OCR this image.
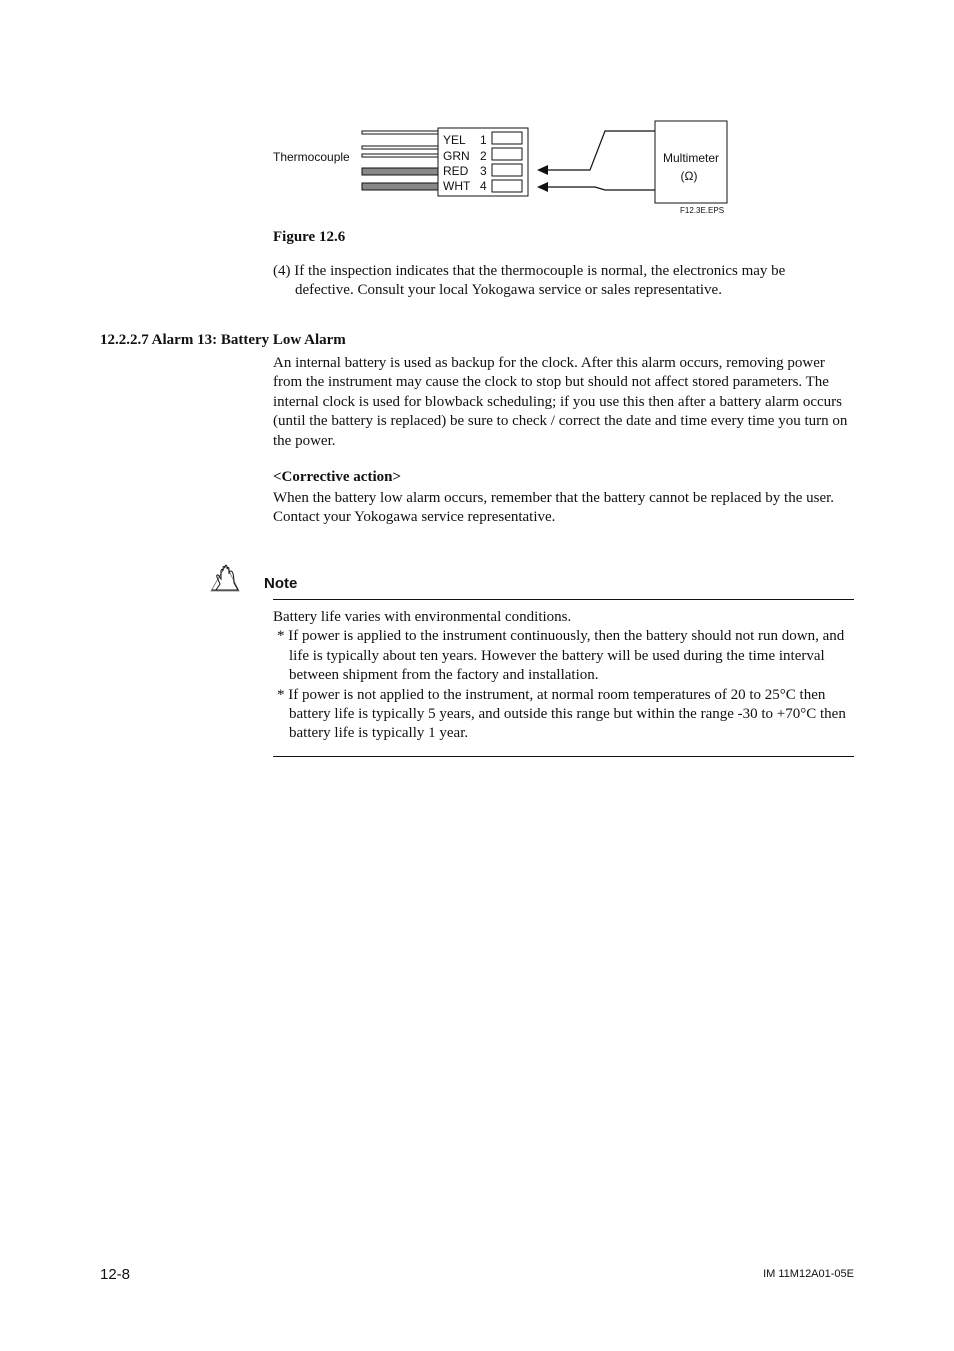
Thermocouple
YEL 1
GRN 2
RED 3
WHT 4
Multimeter
(Ω)
F12.3E.EPS
Figure 12.6

(4) If the inspection indicates that the thermocouple is normal, the electronics may be defective. Consult your local Yokogawa service or sales representative.

12.2.2.7 Alarm 13: Battery Low Alarm
An internal battery is used as backup for the clock. After this alarm occurs, removing power from the instrument may cause the clock to stop but should not affect stored parameters. The internal clock is used for blowback scheduling; if you use this then after a battery alarm occurs (until the battery is replaced) be sure to check / correct the date and time every time you turn on the power.
<Corrective action>
When the battery low alarm occurs, remember that the battery cannot be replaced by the user. Contact your Yokogawa service representative.
Note

Battery life varies with environmental conditions.

* If power is applied to the instrument continuously, then the battery should not run down, and life is typically about ten years. However the battery will be used during the time interval between shipment from the factory and installation.

* If power is not applied to the instrument, at normal room temperatures of 20 to 25°C then battery life is typically 5 years, and outside this range but within the range -30 to +70°C then battery life is typically 1 year.

12-8	IM 11M12A01-05E
